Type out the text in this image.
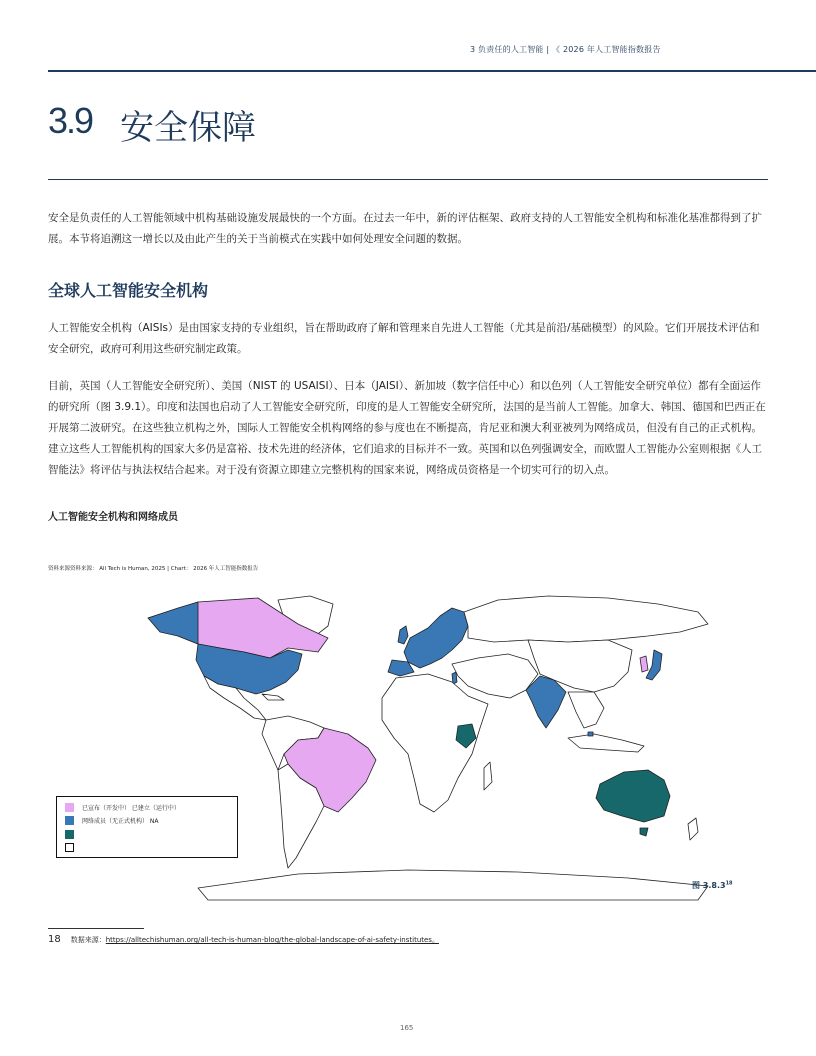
3 负责任的人工智能 | 《 2026 年人工智能指数报告
3.9 安全保障
安全是负责任的人工智能领域中机构基础设施发展最快的一个方面。在过去一年中，新的评估框架、政府支持的人工智能安全机构和标准化基准都得到了扩展。本节将追溯这一增长以及由此产生的关于当前模式在实践中如何处理安全问题的数据。
全球人工智能安全机构
人工智能安全机构（AISIs）是由国家支持的专业组织，旨在帮助政府了解和管理来自先进人工智能（尤其是前沿/基础模型）的风险。它们开展技术评估和安全研究，政府可利用这些研究制定政策。
目前，英国（人工智能安全研究所）、美国（NIST 的 USAISI）、日本（JAISI）、新加坡（数字信任中心）和以色列（人工智能安全研究单位）都有全面运作的研究所（图 3.9.1）。印度和法国也启动了人工智能安全研究所，印度的是人工智能安全研究所，法国的是当前人工智能。加拿大、韩国、德国和巴西正在开展第二波研究。在这些独立机构之外，国际人工智能安全机构网络的参与度也在不断提高，肯尼亚和澳大利亚被列为网络成员，但没有自己的正式机构。建立这些人工智能机构的国家大多仍是富裕、技术先进的经济体，它们追求的目标并不一致。英国和以色列强调安全，而欧盟人工智能办公室则根据《人工智能法》将评估与执法权结合起来。对于没有资源立即建立完整机构的国家来说，网络成员资格是一个切实可行的切入点。
人工智能安全机构和网络成员
资料来源资料来源： All Tech is Human, 2025 | Chart： 2026 年人工智能指数报告
已宣布（开发中） 已建立（运行中）
网络成员（无正式机构） NA
图 3.8.3$^{18}$
18 数据来源： https://alltechishuman.org/all-tech-is-human-blog/the-global-landscape-of-ai-safety-institutes。
165
